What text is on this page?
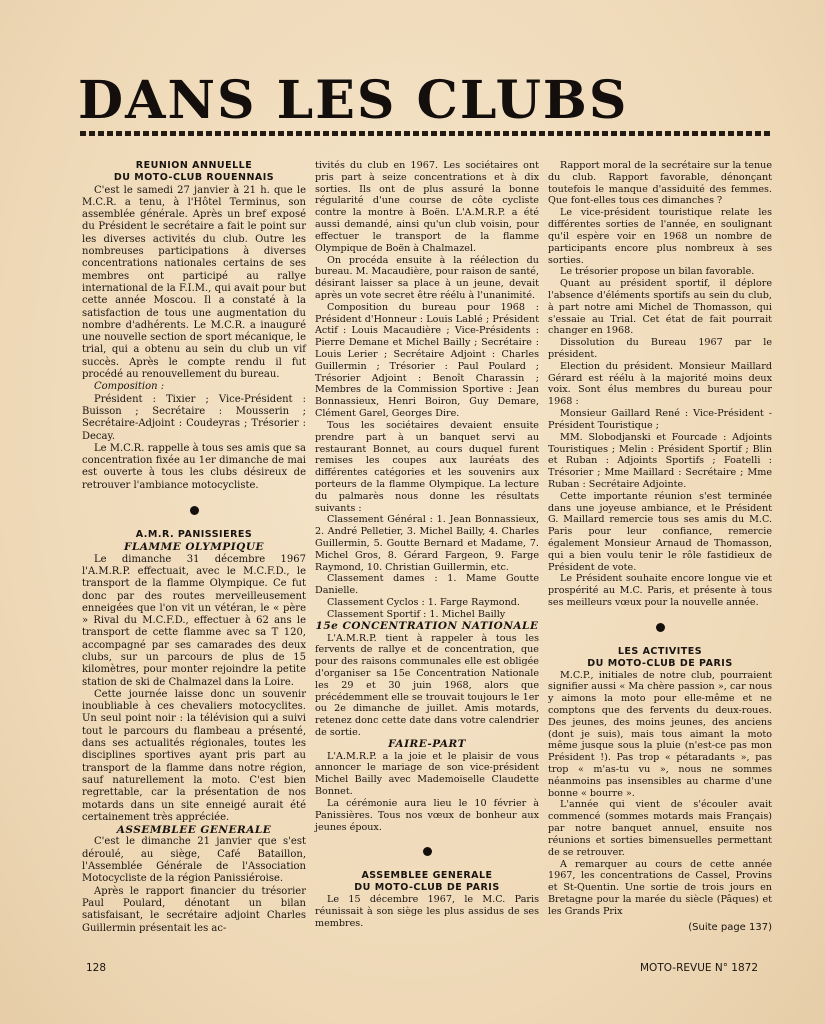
DANS LES CLUBS

REUNION ANNUELLE

DU MOTO-CLUB ROUENNAIS

C'est le samedi 27 janvier à 21 h. que le M.C.R. a tenu, à l'Hôtel Terminus, son assemblée générale. Après un bref exposé du Président le secrétaire a fait le point sur les diverses activités du club. Outre les nombreuses participations à diverses concentrations nationales certains de ses membres ont participé au rallye international de la F.I.M., qui avait pour but cette année Moscou. Il a constaté à la satisfaction de tous une augmentation du nombre d'adhérents. Le M.C.R. a inauguré une nouvelle section de sport mécanique, le trial, qui a obtenu au sein du club un vif succès. Après le compte rendu il fut procédé au renouvellement du bureau.

Composition :

Président : Tixier ; Vice-Président : Buisson ; Secrétaire : Mousserin ; Secrétaire-Adjoint : Coudeyras ; Trésorier : Decay.

Le M.C.R. rappelle à tous ses amis que sa concentration fixée au 1er dimanche de mai est ouverte à tous les clubs désireux de retrouver l'ambiance motocycliste.

A.M.R. PANISSIERES

FLAMME OLYMPIQUE

Le dimanche 31 décembre 1967 l'A.M.R.P. effectuait, avec le M.C.F.D., le transport de la flamme Olympique. Ce fut donc par des routes merveilleusement enneigées que l'on vit un vétéran, le « père » Rival du M.C.F.D., effectuer à 62 ans le transport de cette flamme avec sa T 120, accompagné par ses camarades des deux clubs, sur un parcours de plus de 15 kilomètres, pour monter rejoindre la petite station de ski de Chalmazel dans la Loire.

Cette journée laisse donc un souvenir inoubliable à ces chevaliers motocyclites. Un seul point noir : la télévision qui a suivi tout le parcours du flambeau a présenté, dans ses actualités régionales, toutes les disciplines sportives ayant pris part au transport de la flamme dans notre région, sauf naturellement la moto. C'est bien regrettable, car la présentation de nos motards dans un site enneigé aurait été certainement très appréciée.

ASSEMBLEE GENERALE

C'est le dimanche 21 janvier que s'est déroulé, au siège, Café Bataillon, l'Assemblée Générale de l'Association Motocycliste de la région Panissiéroise.

Après le rapport financier du trésorier Paul Poulard, dénotant un bilan satisfaisant, le secrétaire adjoint Charles Guillermin présentait les ac-

tivités du club en 1967. Les sociétaires ont pris part à seize concentrations et à dix sorties. Ils ont de plus assuré la bonne régularité d'une course de côte cycliste contre la montre à Boën. L'A.M.R.P. a été aussi demandé, ainsi qu'un club voisin, pour effectuer le transport de la flamme Olympique de Boën à Chalmazel.

On procéda ensuite à la réélection du bureau. M. Macaudière, pour raison de santé, désirant laisser sa place à un jeune, devait après un vote secret être réélu à l'unanimité.

Composition du bureau pour 1968 : Président d'Honneur : Louis Lablé ; Président Actif : Louis Macaudière ; Vice-Présidents : Pierre Demane et Michel Bailly ; Secrétaire : Louis Lerier ; Secrétaire Adjoint : Charles Guillermin ; Trésorier : Paul Poulard ; Trésorier Adjoint : Benoît Charassin ; Membres de la Commission Sportive : Jean Bonnassieux, Henri Boiron, Guy Demare, Clément Garel, Georges Dire.

Tous les sociétaires devaient ensuite prendre part à un banquet servi au restaurant Bonnet, au cours duquel furent remises les coupes aux lauréats des différentes catégories et les souvenirs aux porteurs de la flamme Olympique. La lecture du palmarès nous donne les résultats suivants :

Classement Général : 1. Jean Bonnassieux, 2. André Pelletier, 3. Michel Bailly, 4. Charles Guillermin, 5. Goutte Bernard et Madame, 7. Michel Gros, 8. Gérard Fargeon, 9. Farge Raymond, 10. Christian Guillermin, etc.

Classement dames : 1. Mame Goutte Danielle.

Classement Cyclos : 1. Farge Raymond.

Classement Sportif : 1. Michel Bailly

15e CONCENTRATION NATIONALE

L'A.M.R.P. tient à rappeler à tous les fervents de rallye et de concentration, que pour des raisons communales elle est obligée d'organiser sa 15e Concentration Nationale les 29 et 30 juin 1968, alors que précédemment elle se trouvait toujours le 1er ou 2e dimanche de juillet. Amis motards, retenez donc cette date dans votre calendrier de sortie.

FAIRE-PART

L'A.M.R.P. a la joie et le plaisir de vous annoncer le mariage de son vice-président Michel Bailly avec Mademoiselle Claudette Bonnet.

La cérémonie aura lieu le 10 février à Panissières. Tous nos vœux de bonheur aux jeunes époux.

ASSEMBLEE GENERALE

DU MOTO-CLUB DE PARIS

Le 15 décembre 1967, le M.C. Paris réunissait à son siège les plus assidus de ses membres.

Rapport moral de la secrétaire sur la tenue du club. Rapport favorable, dénonçant toutefois le manque d'assiduité des femmes. Que font-elles tous ces dimanches ?

Le vice-président touristique relate les différentes sorties de l'année, en soulignant qu'il espère voir en 1968 un nombre de participants encore plus nombreux à ses sorties.

Le trésorier propose un bilan favorable.

Quant au président sportif, il déplore l'absence d'éléments sportifs au sein du club, à part notre ami Michel de Thomasson, qui s'essaie au Trial. Cet état de fait pourrait changer en 1968.

Dissolution du Bureau 1967 par le président.

Election du président. Monsieur Maillard Gérard est réélu à la majorité moins deux voix. Sont élus membres du bureau pour 1968 :

Monsieur Gaillard René : Vice-Président - Président Touristique ;

MM. Slobodjanski et Fourcade : Adjoints Touristiques ; Melin : Président Sportif ; Blin et Ruban : Adjoints Sportifs ; Foatelli : Trésorier ; Mme Maillard : Secrétaire ; Mme Ruban : Secrétaire Adjointe.

Cette importante réunion s'est terminée dans une joyeuse ambiance, et le Président G. Maillard remercie tous ses amis du M.C. Paris pour leur confiance, remercie également Monsieur Arnaud de Thomasson, qui a bien voulu tenir le rôle fastidieux de Président de vote.

Le Président souhaite encore longue vie et prospérité au M.C. Paris, et présente à tous ses meilleurs vœux pour la nouvelle année.

LES ACTIVITES

DU MOTO-CLUB DE PARIS

M.C.P., initiales de notre club, pourraient signifier aussi « Ma chère passion », car nous y aimons la moto pour elle-même et ne comptons que des fervents du deux-roues. Des jeunes, des moins jeunes, des anciens (dont je suis), mais tous aimant la moto même jusque sous la pluie (n'est-ce pas mon Président !). Pas trop « pétaradants », pas trop « m'as-tu vu », nous ne sommes néanmoins pas insensibles au charme d'une bonne « bourre ».

L'année qui vient de s'écouler avait commencé (sommes motards mais Français) par notre banquet annuel, ensuite nos réunions et sorties bimensuelles permettant de se retrouver.

A remarquer au cours de cette année 1967, les concentrations de Cassel, Provins et St-Quentin. Une sortie de trois jours en Bretagne pour la marée du siècle (Pâques) et les Grands Prix

(Suite page 137)
128	MOTO-REVUE N° 1872
